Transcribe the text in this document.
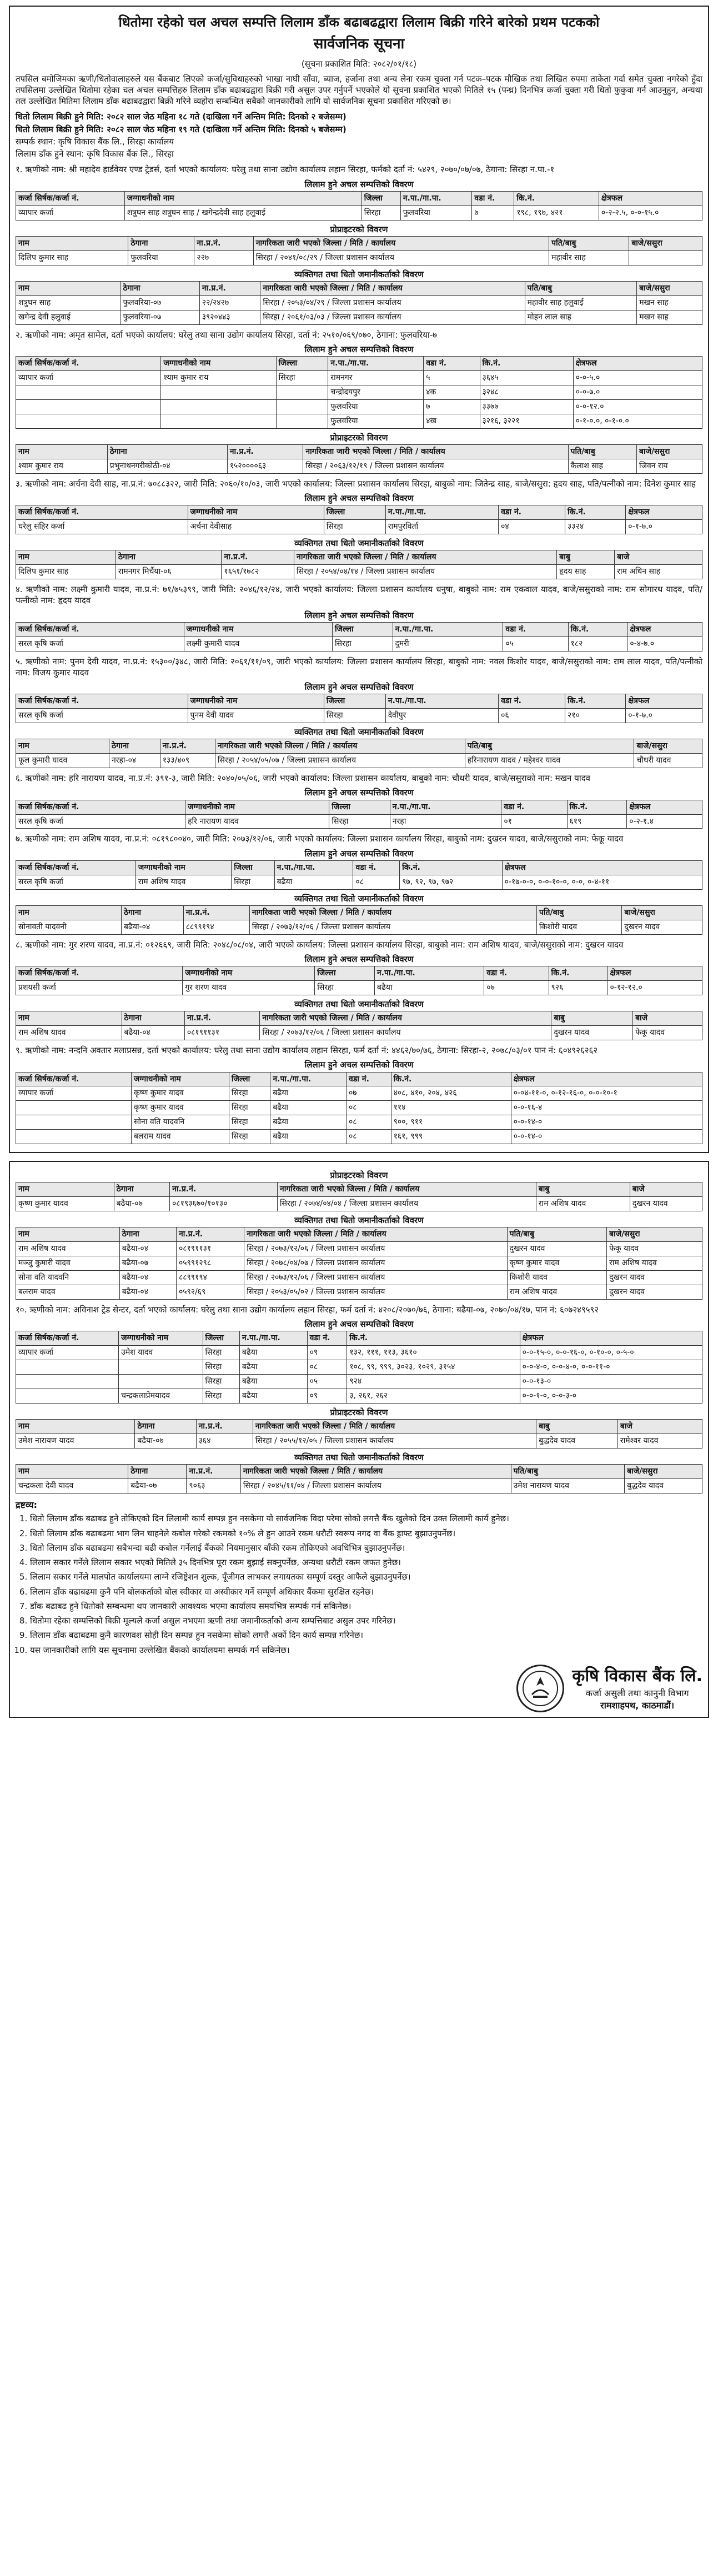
धितोमा रहेको चल अचल सम्पत्ति लिलाम डाँक बढाबढद्वारा लिलाम बिक्री गरिने बारेको प्रथम पटकको
सार्वजनिक सूचना
(सूचना प्रकाशित मिति: २०८२/०१/१८)
तपसिल बमोजिमका ऋणी/धितोवालाहरुले यस बैंकबाट लिएको कर्जा/सुविधाहरुको भाखा नाघी साँवा, ब्याज, हर्जाना तथा अन्य लेना रकम चुक्ता गर्न पटक–पटक मौखिक तथा लिखित रुपमा ताकेता गर्दा समेत चुक्ता नगरेको हुँदा तपसिलमा उल्लेखित धितोमा रहेका चल अचल सम्पत्तिहरु लिलाम डाँक बढाबढद्वारा बिक्री गरी असुल उपर गर्नुपर्ने भएकोले यो सूचना प्रकाशित भएको मितिले १५ (पन्ध्र) दिनभित्र कर्जा चुक्ता गरी धितो फुकुवा गर्न आउनुहुन, अन्यथा तल उल्लेखित मितिमा लिलाम डाँक बढाबढद्वारा बिक्री गरिने व्यहोरा सम्बन्धित सबैको जानकारीको लागि यो सार्वजनिक सूचना प्रकाशित गरिएको छ।
धितो लिलाम बिक्री हुने मिति: २०८२ साल जेठ महिना १८ गते (दाखिला गर्ने अन्तिम मिति: दिनको २ बजेसम्म)
धितो लिलाम बिक्री हुने मिति: २०८२ साल जेठ महिना १९ गते (दाखिला गर्ने अन्तिम मिति: दिनको ५ बजेसम्म)
सम्पर्क स्थान: कृषि विकास बैंक लि., सिरहा कार्यालय
लिलाम डाँक हुने स्थान: कृषि विकास बैंक लि., सिरहा
१. ऋणीको नाम: श्री महादेव हार्डवेयर एण्ड ट्रेडर्स, दर्ता भएको कार्यालय: घरेलु तथा साना उद्योग कार्यालय लहान सिरहा, फर्मको दर्ता नं: ५४२९, २०७०/०७/०७, ठेगाना: सिरहा न.पा.-१
लिलाम हुने अचल सम्पत्तिको विवरण
कर्जा सिर्षक/कर्जा नं.	जग्गाधनीको नाम	जिल्ला	न.पा./गा.पा.	वडा नं.	कि.नं.	क्षेत्रफल
व्यापार कर्जा	शत्रुघन साह शत्रुघन साह / खगेन्द्रदेवी साह हलुवाई	सिरहा	फुलवरिया	७	१९८, १९७, ४२१	०-२-२.५, ०-०-१५.०
प्रोप्राइटरको विवरण
नाम	ठेगाना	ना.प्र.नं.	नागरिकता जारी भएको जिल्ला / मिति / कार्यालय	पति/बाबु	बाजे/ससुरा
दिलिप कुमार साह	फुलवरिया	२२७	सिरहा / २०४१/०८/२९ / जिल्ला प्रशासन कार्यालय	महावीर साह	
व्यक्तिगत तथा धितो जमानीकर्ताको विवरण
नाम	ठेगाना	ना.प्र.नं.	नागरिकता जारी भएको जिल्ला / मिति / कार्यालय	पति/बाबु	बाजे/ससुरा
शत्रुघन साह	फुलवरिया-०७	२२/२४२७	सिरहा / २०५३/०४/२९ / जिल्ला प्रशासन कार्यालय	महावीर साह हलुवाई	मखन साह
खगेन्द्र देवी हलुवाई	फुलवरिया-०७	३९२०४४३	सिरहा / २०६१/०३/०३ / जिल्ला प्रशासन कार्यालय	मोहन लाल साह	मखन साह
२. ऋणीको नाम: अमृत सामेल, दर्ता भएको कार्यालय: घरेलु तथा साना उद्योग कार्यालय सिरहा, दर्ता नं: २५१०/०६९/०७०, ठेगाना: फुलवरिया-७
लिलाम हुने अचल सम्पत्तिको विवरण
कर्जा सिर्षक/कर्जा नं.	जग्गाधनीको नाम	जिल्ला	न.पा./गा.पा.	वडा नं.	कि.नं.	क्षेत्रफल
व्यापार कर्जा	श्याम कुमार राय	सिरहा	रामनगर	५	३६४५	०-०-५.०
			चन्द्रोदयपुर	४क	३२४८	०-०-७.०
			फुलवरिया	७	३३७७	०-०-१२.०
			फुलवरिया	४ख	३२१६, ३२२१	०-१-०.०, ०-१-०.०
प्रोप्राइटरको विवरण
नाम	ठेगाना	ना.प्र.नं.	नागरिकता जारी भएको जिल्ला / मिति / कार्यालय	पति/बाबु	बाजे/ससुरा
श्याम कुमार राय	प्रभुनाथनगरीकोठी-०४	१५२००००६३	सिरहा / २०६३/१२/१९ / जिल्ला प्रशासन कार्यालय	कैलाश साह	जिवन राय
३. ऋणीको नाम: अर्चना देवी साह, ना.प्र.नं: ७०८८३२२, जारी मिति: २०६०/१०/०३, जारी भएको कार्यालय: जिल्ला प्रशासन कार्यालय सिरहा, बाबुको नाम: जितेन्द्र साह, बाजे/ससुरा: हृदय साह, पति/पत्नीको नाम: दिनेश कुमार साह
लिलाम हुने अचल सम्पत्तिको विवरण
कर्जा सिर्षक/कर्जा नं.	जग्गाधनीको नाम	जिल्ला	न.पा./गा.पा.	वडा नं.	कि.नं.	क्षेत्रफल
घरेलु संहिर कर्जा	अर्चना देवीसाह	सिरहा	रामपुरविर्ता	०४	३३२४	०-१-७.०
व्यक्तिगत तथा धितो जमानीकर्ताको विवरण
नाम	ठेगाना	ना.प्र.नं.	नागरिकता जारी भएको जिल्ला / मिति / कार्यालय	बाबु	बाजे
दिलिप कुमार साह	रामनगर मिर्चैया-०६	१६५१/१७८२	सिरहा / २०५४/०४/१४ / जिल्ला प्रशासन कार्यालय	हृदय साह	राम अधिन साह
४. ऋणीको नाम: लक्ष्मी कुमारी यादव, ना.प्र.नं: ७१/७५३९९, जारी मिति: २०४६/१२/२४, जारी भएको कार्यालय: जिल्ला प्रशासन कार्यालय धनुषा, बाबुको नाम: राम एकवाल यादव, बाजे/ससुराको नाम: राम सोगारथ यादव, पति/पत्नीको नाम: हृदय यादव
लिलाम हुने अचल सम्पत्तिको विवरण
कर्जा सिर्षक/कर्जा नं.	जग्गाधनीको नाम	जिल्ला	न.पा./गा.पा.	वडा नं.	कि.नं.	क्षेत्रफल
सरल कृषि कर्जा	लक्ष्मी कुमारी यादव	सिरहा	दुमरी	०५	१८२	०-४-७.०
५. ऋणीको नाम: पुनम देवी यादव, ना.प्र.नं: १५३००/३४८, जारी मिति: २०६१/११/०९, जारी भएको कार्यालय: जिल्ला प्रशासन कार्यालय सिरहा, बाबुको नाम: नवल किशोर यादव, बाजे/ससुराको नाम: राम लाल यादव, पति/पत्नीको नाम: विजय कुमार यादव
लिलाम हुने अचल सम्पत्तिको विवरण
कर्जा सिर्षक/कर्जा नं.	जग्गाधनीको नाम	जिल्ला	न.पा./गा.पा.	वडा नं.	कि.नं.	क्षेत्रफल
सरल कृषि कर्जा	पुनम देवी यादव	सिरहा	देवीपुर	०६	२१०	०-१-७.०
व्यक्तिगत तथा धितो जमानीकर्ताको विवरण
नाम	ठेगाना	ना.प्र.नं.	नागरिकता जारी भएको जिल्ला / मिति / कार्यालय	पति/बाबु	बाजे/ससुरा
फूल कुमारी यादव	नरहा-०४	१३३/४०९	सिरहा / २०५४/०५/०७ / जिल्ला प्रशासन कार्यालय	हरिनारायण यादव / महेश्वर यादव	चौधरी यादव
६. ऋणीको नाम: हरि नारायण यादव, ना.प्र.नं: ३९१-३, जारी मिति: २०४०/०५/०६, जारी भएको कार्यालय: जिल्ला प्रशासन कार्यालय, बाबुको नाम: चौधरी यादव, बाजे/ससुराको नाम: मखन यादव
लिलाम हुने अचल सम्पत्तिको विवरण
कर्जा सिर्षक/कर्जा नं.	जग्गाधनीको नाम	जिल्ला	न.पा./गा.पा.	वडा नं.	कि.नं.	क्षेत्रफल
सरल कृषि कर्जा	हरि नारायण यादव	सिरहा	नरहा	०१	६१९	०-२-१.४
७. ऋणीको नाम: राम अशिष यादव, ना.प्र.नं: ०८१९८००४०, जारी मिति: २०७३/१२/०६, जारी भएको कार्यालय: जिल्ला प्रशासन कार्यालय सिरहा, बाबुको नाम: दुखरन यादव, बाजे/ससुराको नाम: फेकू यादव
लिलाम हुने अचल सम्पत्तिको विवरण
कर्जा सिर्षक/कर्जा नं.	जग्गाधनीको नाम	जिल्ला	न.पा./गा.पा.	वडा नं.	कि.नं.	क्षेत्रफल
सरल कृषि कर्जा	राम अशिष यादव	सिरहा	बढैया	०८	९७, ९२, ९७, ९७२	०-१७-०-०, ०-०-१०-०, ०-०, ०-४-११
व्यक्तिगत तथा धितो जमानीकर्ताको विवरण
नाम	ठेगाना	ना.प्र.नं.	नागरिकता जारी भएको जिल्ला / मिति / कार्यालय	पति/बाबु	बाजे/ससुरा
सोनावती यादवनी	बढैया-०४	८८९९१९४	सिरहा / २०७३/१२/०६ / जिल्ला प्रशासन कार्यालय	किशोरी यादव	दुखरन यादव
८. ऋणीको नाम: गुर शरण यादव, ना.प्र.नं: ०१२६६९, जारी मिति: २०४८/०८/०४, जारी भएको कार्यालय: जिल्ला प्रशासन कार्यालय सिरहा, बाबुको नाम: राम अशिष यादव, बाजे/ससुराको नाम: दुखरन यादव
लिलाम हुने अचल सम्पत्तिको विवरण
कर्जा सिर्षक/कर्जा नं.	जग्गाधनीको नाम	जिल्ला	न.पा./गा.पा.	वडा नं.	कि.नं.	क्षेत्रफल
प्रशयसी कर्जा	गुर शरण यादव	सिरहा	बढैया	०७	९२६	०-१२-१२.०
व्यक्तिगत तथा धितो जमानीकर्ताको विवरण
नाम	ठेगाना	ना.प्र.नं.	नागरिकता जारी भएको जिल्ला / मिति / कार्यालय	बाबु	बाजे
राम अशिष यादव	बढैया-०४	०८१९११३१	सिरहा / २०७३/१२/०६ / जिल्ला प्रशासन कार्यालय	दुखरन यादव	फेकू यादव
९. ऋणीको नाम: नन्दनि अवतार मलाप्रसन्न, दर्ता भएको कार्यालय: घरेलु तथा साना उद्योग कार्यालय लहान सिरहा, फर्म दर्ता नं: ४४६२/७०/७६, ठेगाना: सिरहा-२, २०७८/०३/०१ पान नं: ६०४९२६२६२
लिलाम हुने अचल सम्पत्तिको विवरण
कर्जा सिर्षक/कर्जा नं.	जग्गाधनीको नाम	जिल्ला	न.पा./गा.पा.	वडा नं.	कि.नं.	क्षेत्रफल
व्यापार कर्जा	कृष्ण कुमार यादव	सिरहा	बढैया	०७	४०८, ४१०, २०४, ४२६	०-०४-११-०, ०-१२-१६-०, ०-०-१०-१
	कृष्ण कुमार यादव	सिरहा	बढैया	०८	११४	०-०-१६-४
	सोना वति यादवनि	सिरहा	बढैया	०८	९००, ९११	०-०-१४-०
	बलराम यादव	सिरहा	बढैया	०८	१६१, ९९९	०-०-१४-०
प्रोप्राइटरको विवरण
नाम	ठेगाना	ना.प्र.नं.	नागरिकता जारी भएको जिल्ला / मिति / कार्यालय	बाबु	बाजे
कृष्ण कुमार यादव	बढैया-०७	०८१९३६७०/१०१३०	सिरहा / २०७४/०४/०४ / जिल्ला प्रशासन कार्यालय	राम अशिष यादव	दुखरन यादव
व्यक्तिगत तथा धितो जमानीकर्ताको विवरण
नाम	ठेगाना	ना.प्र.नं.	नागरिकता जारी भएको जिल्ला / मिति / कार्यालय	पति/बाबु	बाजे/ससुरा
राम अशिष यादव	बढैया-०४	०८१९११३१	सिरहा / २०७३/१२/०६ / जिल्ला प्रशासन कार्यालय	दुखरन यादव	फेकू यादव
मञ्जु कुमारी यादव	बढैया-०७	०५९९१२९८	सिरहा / २०७८/०४/०७ / जिल्ला प्रशासन कार्यालय	कृष्ण कुमार यादव	राम अशिष यादव
सोना वति यादवनि	बढैया-०४	८८९९१९४	सिरहा / २०७३/१२/०६ / जिल्ला प्रशासन कार्यालय	किशोरी यादव	दुखरन यादव
बलराम यादव	बढैया-०४	०५९२/६९	सिरहा / २०५३/०५/०२ / जिल्ला प्रशासन कार्यालय	राम अशिष यादव	दुखरन यादव
१०. ऋणीको नाम: अविनाश ट्रेड सेन्टर, दर्ता भएको कार्यालय: घरेलु तथा साना उद्योग कार्यालय लहान सिरहा, फर्म दर्ता नं: ४२०८/२०७०/७६, ठेगाना: बढैया-०७, २०७०/०४/१७, पान नं: ६०७२४९५९२
लिलाम हुने अचल सम्पत्तिको विवरण
कर्जा सिर्षक/कर्जा नं.	जग्गाधनीको नाम	जिल्ला	न.पा./गा.पा.	वडा नं.	कि.नं.	क्षेत्रफल
व्यापार कर्जा	उमेश यादव	सिरहा	बढैया	०९	१३२, १११, ११३, ३६१०	०-०-१५-०, ०-०-१६-०, ०-१०-०, ०-५-०
		सिरहा	बढैया	०८	१०८, ९९, ९९९, ३०२३, १०२९, ३१५४	०-०-४-०, ०-०-४-०, ०-०-११-०
		सिरहा	बढैया	०५	९२४	०-०-१३-०
	चन्द्रकलाप्रेमयादव	सिरहा	बढैया	०९	३, २६१, २६२	०-०-१-०, ०-०-३-०
प्रोप्राइटरको विवरण
नाम	ठेगाना	ना.प्र.नं.	नागरिकता जारी भएको जिल्ला / मिति / कार्यालय	बाबु	बाजे
उमेश नारायण यादव	बढैया-०७	३६४	सिरहा / २०५५/१२/०५ / जिल्ला प्रशासन कार्यालय	बुद्धदेव यादव	रामेश्वर यादव
व्यक्तिगत तथा धितो जमानीकर्ताको विवरण
नाम	ठेगाना	ना.प्र.नं.	नागरिकता जारी भएको जिल्ला / मिति / कार्यालय	पति/बाबु	बाजे/ससुरा
चन्द्रकला देवी यादव	बढैया-०७	९०६३	सिरहा / २०४५/११/०४ / जिल्ला प्रशासन कार्यालय	उमेश नारायण यादव	बुद्धदेव यादव
द्रष्टव्य:
1. धितो लिलाम डाँक बढाबढ हुने तोकिएको दिन लिलामी कार्य सम्पन्न हुन नसकेमा यो सार्वजनिक विदा परेमा सोको लगत्तै बैंक खुलेको दिन उक्त लिलामी कार्य हुनेछ।
2. धितो लिलाम डाँक बढाबढमा भाग लिन चाहनेले कबोल गरेको रकमको १०% ले हुन आउने रकम धरौटी स्वरूप नगद वा बैंक ड्राफ्ट बुझाउनुपर्नेछ।
3. धितो लिलाम डाँक बढाबढमा सबैभन्दा बढी कबोल गर्नेलाई बैंकको नियमानुसार बाँकी रकम तोकिएको अवधिभित्र बुझाउनुपर्नेछ।
4. लिलाम सकार गर्नेले लिलाम सकार भएको मितिले ३५ दिनभित्र पूरा रकम बुझाई सक्नुपर्नेछ, अन्यथा धरौटी रकम जफत हुनेछ।
5. लिलाम सकार गर्नेले मालपोत कार्यालयमा लाग्ने रजिष्ट्रेशन शुल्क, पूँजीगत लाभकर लगायतका सम्पूर्ण दस्तुर आफैले बुझाउनुपर्नेछ।
6. लिलाम डाँक बढाबढमा कुनै पनि बोलकर्ताको बोल स्वीकार वा अस्वीकार गर्ने सम्पूर्ण अधिकार बैंकमा सुरक्षित रहनेछ।
7. डाँक बढाबढ हुने धितोको सम्बन्धमा थप जानकारी आवश्यक भएमा कार्यालय समयभित्र सम्पर्क गर्न सकिनेछ।
8. धितोमा रहेका सम्पत्तिको बिक्री मूल्यले कर्जा असुल नभएमा ऋणी तथा जमानीकर्ताको अन्य सम्पत्तिबाट असुल उपर गरिनेछ।
9. लिलाम डाँक बढाबढमा कुनै कारणवश सोही दिन सम्पन्न हुन नसकेमा सोको लगत्तै अर्को दिन कार्य सम्पन्न गरिनेछ।
10. यस जानकारीको लागि यस सूचनामा उल्लेखित बैंकको कार्यालयमा सम्पर्क गर्न सकिनेछ।
कृषि विकास बैंक लि.
कर्जा असुली तथा कानुनी विभाग
रामशाहपथ, काठमाडौं।
